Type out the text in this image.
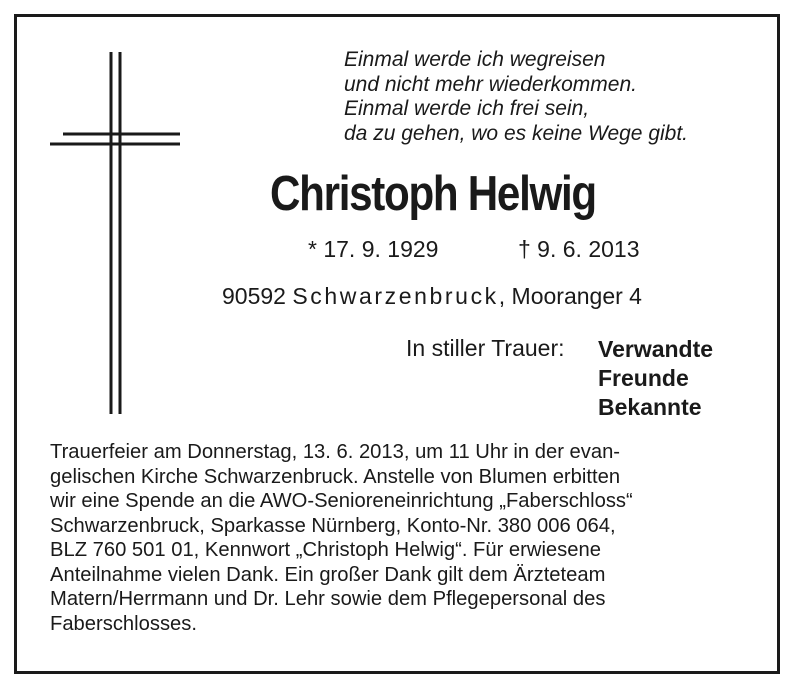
Einmal werde ich wegreisen
und nicht mehr wiederkommen.
Einmal werde ich frei sein,
da zu gehen, wo es keine Wege gibt.
Christoph Helwig
* 17. 9. 1929	† 9. 6. 2013
90592 Schwarzenbruck, Mooranger 4
In stiller Trauer: Verwandte
Freunde
Bekannte
Trauerfeier am Donnerstag, 13. 6. 2013, um 11 Uhr in der evan-
gelischen Kirche Schwarzenbruck. Anstelle von Blumen erbitten
wir eine Spende an die AWO-Senioreneinrichtung „Faberschloss“
Schwarzenbruck, Sparkasse Nürnberg, Konto-Nr. 380 006 064,
BLZ 760 501 01, Kennwort „Christoph Helwig“. Für erwiesene
Anteilnahme vielen Dank. Ein großer Dank gilt dem Ärzteteam
Matern/Herrmann und Dr. Lehr sowie dem Pflegepersonal des
Faberschlosses.
